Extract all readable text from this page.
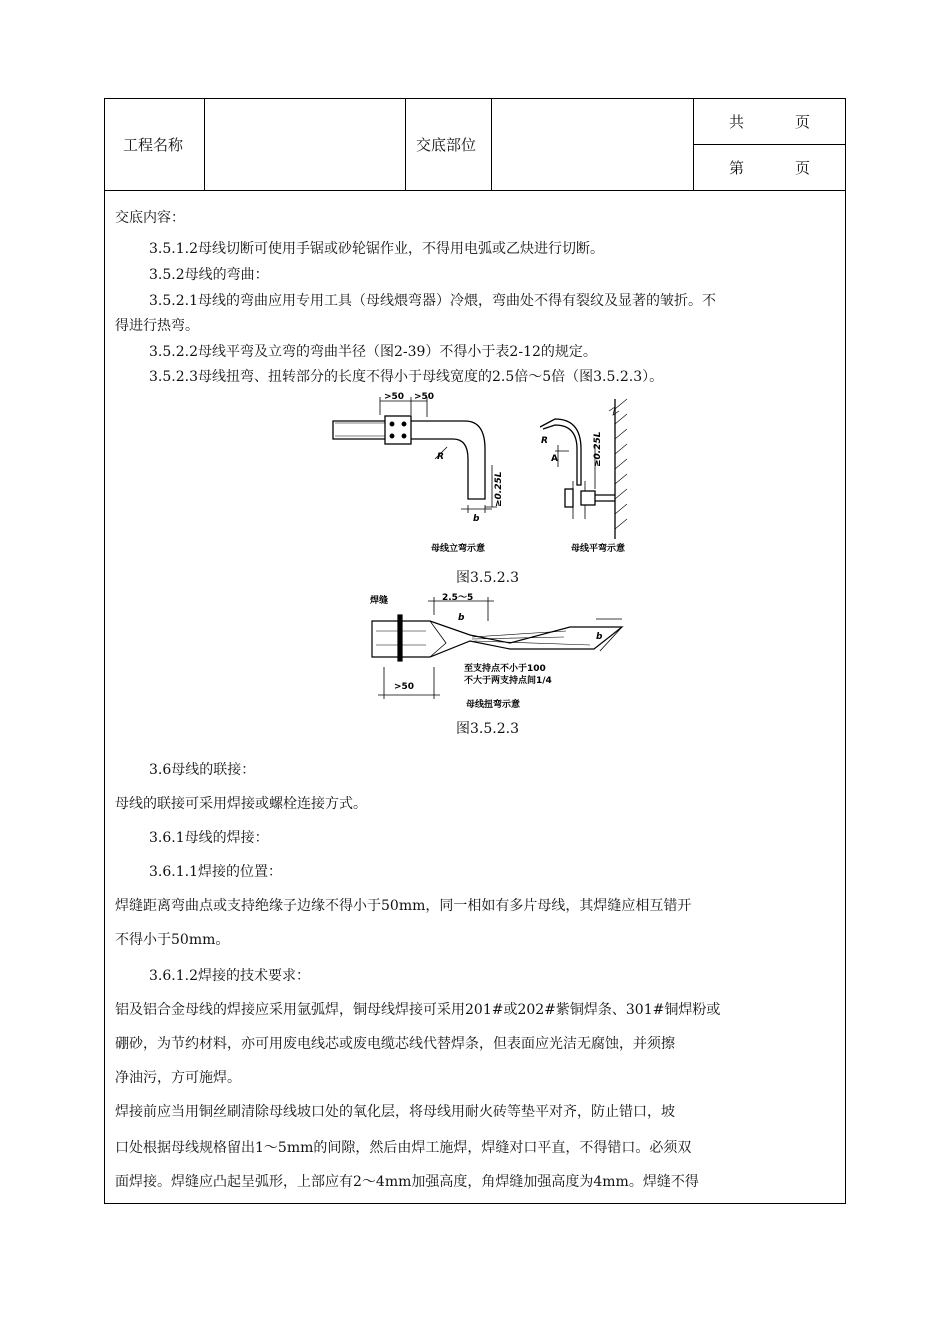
工程名称	交底部位
共	页
第	页
交底内容：
3.5.1.2母线切断可使用手锯或砂轮锯作业，不得用电弧或乙炔进行切断。
3.5.2母线的弯曲：
3.5.2.1母线的弯曲应用专用工具（母线煨弯器）冷煨，弯曲处不得有裂纹及显著的皱折。不
得进行热弯。
3.5.2.2母线平弯及立弯的弯曲半径（图2-39）不得小于表2-12的规定。
3.5.2.3母线扭弯、扭转部分的长度不得小于母线宽度的2.5倍～5倍（图3.5.2.3）。
>50 >50
R
b
R
A
≥0.25L
≥0.25L
母线立弯示意	母线平弯示意
图3.5.2.3
焊缝	2.5～5
b
b
至支持点不小于100
不大于两支持点间1/4
>50
母线扭弯示意
图3.5.2.3
3.6母线的联接：
母线的联接可采用焊接或螺栓连接方式。
3.6.1母线的焊接：
3.6.1.1焊接的位置：
焊缝距离弯曲点或支持绝缘子边缘不得小于50mm，同一相如有多片母线，其焊缝应相互错开
不得小于50mm。
3.6.1.2焊接的技术要求：
铝及铝合金母线的焊接应采用氩弧焊，铜母线焊接可采用201#或202#紫铜焊条、301#铜焊粉或
硼砂，为节约材料，亦可用废电线芯或废电缆芯线代替焊条，但表面应光洁无腐蚀，并须擦
净油污，方可施焊。
焊接前应当用铜丝刷清除母线坡口处的氧化层，将母线用耐火砖等垫平对齐，防止错口，坡
口处根据母线规格留出1～5mm的间隙，然后由焊工施焊，焊缝对口平直，不得错口。必须双
面焊接。焊缝应凸起呈弧形，上部应有2～4mm加强高度，角焊缝加强高度为4mm。焊缝不得
